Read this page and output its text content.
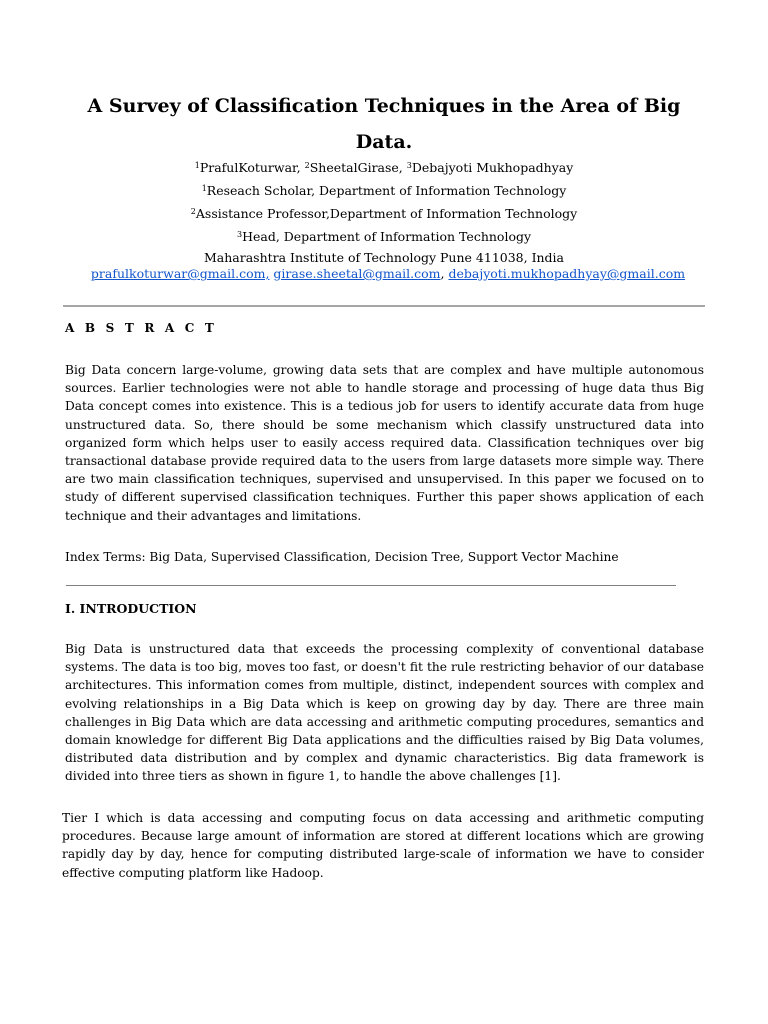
A Survey of Classification Techniques in the Area of Big
Data.
$^1$PrafulKoturwar, $^2$SheetalGirase, $^3$Debajyoti Mukhopadhyay
$^1$Reseach Scholar, Department of Information Technology
$^2$Assistance Professor,Department of Information Technology
$^3$Head, Department of Information Technology
Maharashtra Institute of Technology Pune 411038, India
prafulkoturwar@gmail.com, girase.sheetal@gmail.com, debajyoti.mukhopadhyay@gmail.com
A B S T R A C T
Big Data concern large-volume, growing data sets that are complex and have multiple autonomous sources. Earlier technologies were not able to handle storage and processing of huge data thus Big Data concept comes into existence. This is a tedious job for users to identify accurate data from huge unstructured data. So, there should be some mechanism which classify unstructured data into organized form which helps user to easily access required data. Classification techniques over big transactional database provide required data to the users from large datasets more simple way. There are two main classification techniques, supervised and unsupervised. In this paper we focused on to study of different supervised classification techniques. Further this paper shows application of each technique and their advantages and limitations.
Index Terms: Big Data, Supervised Classification, Decision Tree, Support Vector Machine
I. INTRODUCTION
Big Data is unstructured data that exceeds the processing complexity of conventional database systems. The data is too big, moves too fast, or doesn't fit the rule restricting behavior of our database architectures. This information comes from multiple, distinct, independent sources with complex and evolving relationships in a Big Data which is keep on growing day by day. There are three main challenges in Big Data which are data accessing and arithmetic computing procedures, semantics and domain knowledge for different Big Data applications and the difficulties raised by Big Data volumes, distributed data distribution and by complex and dynamic characteristics. Big data framework is divided into three tiers as shown in figure 1, to handle the above challenges [1].
Tier I which is data accessing and computing focus on data accessing and arithmetic computing procedures. Because large amount of information are stored at different locations which are growing rapidly day by day, hence for computing distributed large-scale of information we have to consider effective computing platform like Hadoop.
